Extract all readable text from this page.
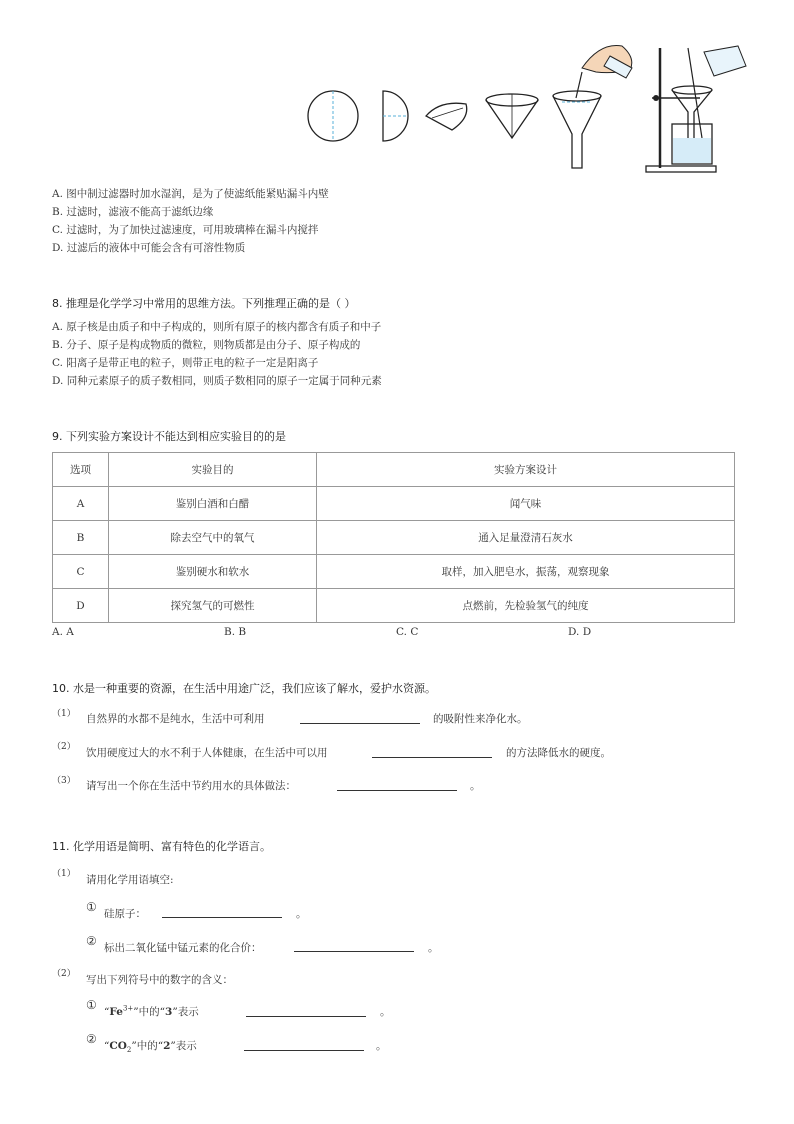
A. 图中制过滤器时加水湿润，是为了使滤纸能紧贴漏斗内壁
B. 过滤时，滤液不能高于滤纸边缘
C. 过滤时，为了加快过滤速度，可用玻璃棒在漏斗内搅拌
D. 过滤后的液体中可能会含有可溶性物质
8. 推理是化学学习中常用的思维方法。下列推理正确的是（ ）
A. 原子核是由质子和中子构成的，则所有原子的核内都含有质子和中子
B. 分子、原子是构成物质的微粒，则物质都是由分子、原子构成的
C. 阳离子是带正电的粒子，则带正电的粒子一定是阳离子
D. 同种元素原子的质子数相同，则质子数相同的原子一定属于同种元素
9. 下列实验方案设计不能达到相应实验目的的是
选项	实验目的	实验方案设计
A	鉴别白酒和白醋	闻气味
B	除去空气中的氧气	通入足量澄清石灰水
C	鉴别硬水和软水	取样，加入肥皂水，振荡，观察现象
D	探究氢气的可燃性	点燃前，先检验氢气的纯度
A. A	B. B	C. C	D. D
10. 水是一种重要的资源，在生活中用途广泛，我们应该了解水，爱护水资源。
（1） 自然界的水都不是纯水，生活中可利用	的吸附性来净化水。
（2） 饮用硬度过大的水不利于人体健康，在生活中可以用	的方法降低水的硬度。
（3） 请写出一个你在生活中节约用水的具体做法：	。
11. 化学用语是简明、富有特色的化学语言。
（1） 请用化学用语填空:
① 硅原子：	。
② 标出二氧化锰中锰元素的化合价：	。
（2） 写出下列符号中的数字的含义：
① “$Fe^{3+}$”中的“3”表示	。
② “$CO_2$”中的“2”表示	。
